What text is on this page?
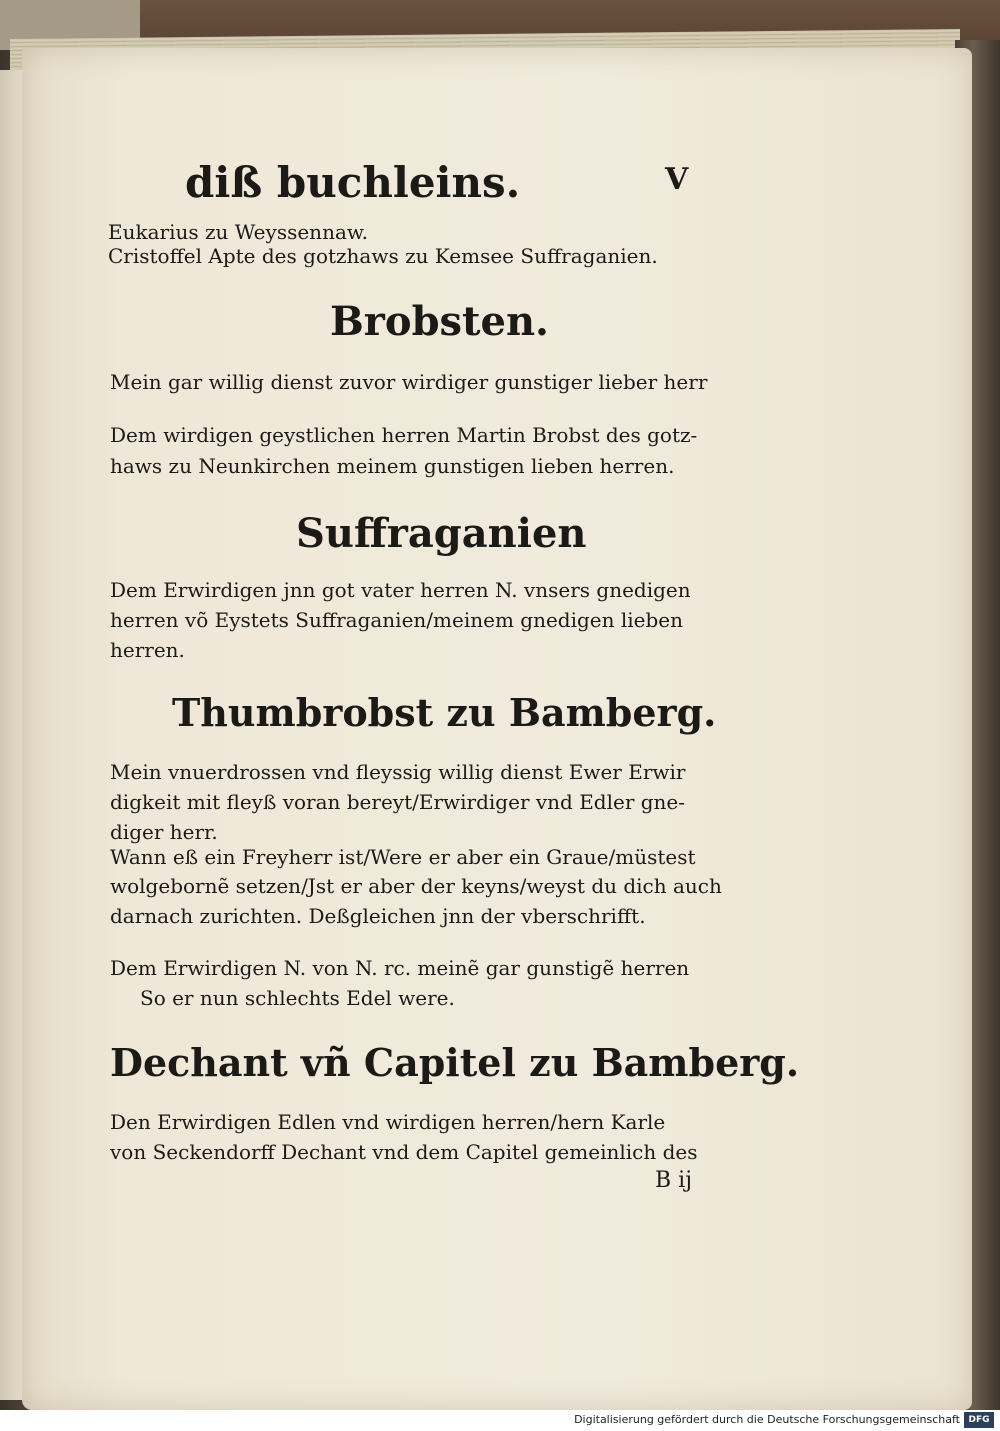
diß buchleins.	V
Eukarius zu Weyssennaw.
Cristoffel Apte des gotzhaws zu Kemsee Suffraganien.
Brobsten.
Mein gar willig dienst zuvor wirdiger gunstiger lieber herr
Dem wirdigen geystlichen herren Martin Brobst des gotz-
haws zu Neunkirchen meinem gunstigen lieben herren.
Suffraganien
Dem Erwirdigen jnn got vater herren N. vnsers gnedigen
herren võ Eystets Suffraganien/meinem gnedigen lieben
herren.
Thumbrobst zu Bamberg.
Mein vnuerdrossen vnd fleyssig willig dienst Ewer Erwir
digkeit mit fleyß voran bereyt/Erwirdiger vnd Edler gne-
diger herr.
Wann eß ein Freyherr ist/Were er aber ein Graue/müstest
wolgebornẽ setzen/Jst er aber der keyns/weyst du dich auch
darnach zurichten. Deßgleichen jnn der vberschrifft.
Dem Erwirdigen N. von N. rc. meinẽ gar gunstigẽ herren
So er nun schlechts Edel were.
Dechant vñ Capitel zu Bamberg.
Den Erwirdigen Edlen vnd wirdigen herren/hern Karle
von Seckendorff Dechant vnd dem Capitel gemeinlich des
B ij
Digitalisierung gefördert durch die Deutsche Forschungsgemeinschaft DFG
